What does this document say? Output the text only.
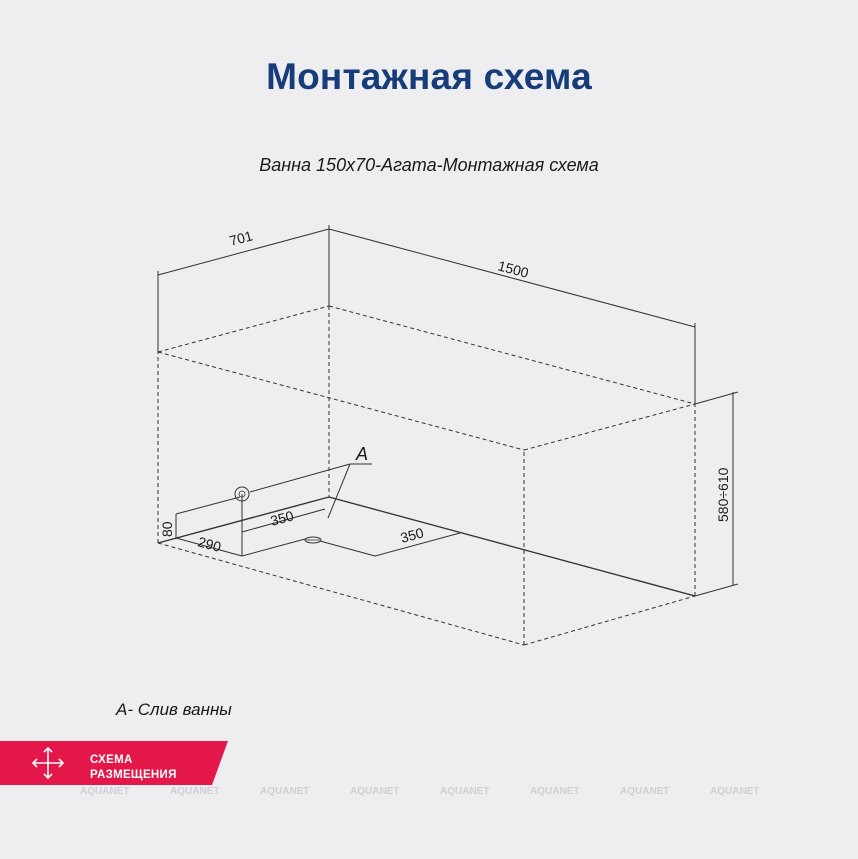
Монтажная схема
Ванна 150x70-Агата-Монтажная схема
701
1500
580÷610
80
290
350
350
A
A- Слив ванны
СХЕМА
РАЗМЕЩЕНИЯ
AQUANET	AQUANET	AQUANET	AQUANET	AQUANET	AQUANET	AQUANET	AQUANET
